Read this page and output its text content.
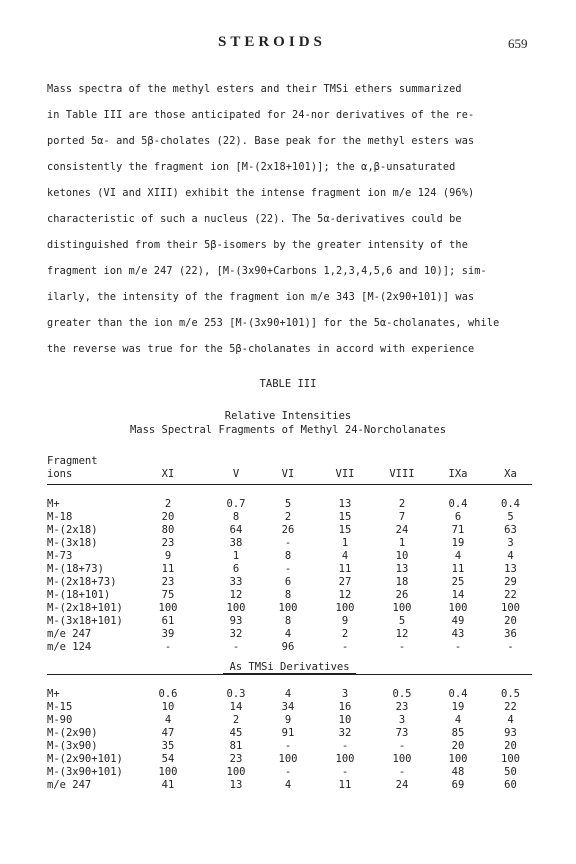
STEROIDS	659
Mass spectra of the methyl esters and their TMSi ethers summarized
in Table III are those anticipated for 24-nor derivatives of the re-
ported 5α- and 5β-cholates (22). Base peak for the methyl esters was
consistently the fragment ion [M-(2x18+101)]; the α,β-unsaturated
ketones (VI and XIII) exhibit the intense fragment ion m/e 124 (96%)
characteristic of such a nucleus (22). The 5α-derivatives could be
distinguished from their 5β-isomers by the greater intensity of the
fragment ion m/e 247 (22), [M-(3x90+Carbons 1,2,3,4,5,6 and 10)]; sim-
ilarly, the intensity of the fragment ion m/e 343 [M-(2x90+101)] was
greater than the ion m/e 253 [M-(3x90+101)] for the 5α-cholanates, while
the reverse was true for the 5β-cholanates in accord with experience
TABLE III
Relative Intensities
Mass Spectral Fragments of Methyl 24-Norcholanates
Fragment
ions	XI	V	VI	VII	VIII	IXa	Xa
M+	2	0.7	5	13	2	0.4	0.4
M-18	20	8	2	15	7	6	5
M-(2x18)	80	64	26	15	24	71	63
M-(3x18)	23	38	-	1	1	19	3
M-73	9	1	8	4	10	4	4
M-(18+73)	11	6	-	11	13	11	13
M-(2x18+73)	23	33	6	27	18	25	29
M-(18+101)	75	12	8	12	26	14	22
M-(2x18+101)	100	100	100	100	100	100	100
M-(3x18+101)	61	93	8	9	5	49	20
m/e 247	39	32	4	2	12	43	36
m/e 124	-	-	96	-	-	-	-
As TMSi Derivatives
M+	0.6	0.3	4	3	0.5	0.4	0.5
M-15	10	14	34	16	23	19	22
M-90	4	2	9	10	3	4	4
M-(2x90)	47	45	91	32	73	85	93
M-(3x90)	35	81	-	-	-	20	20
M-(2x90+101)	54	23	100	100	100	100	100
M-(3x90+101)	100	100	-	-	-	48	50
m/e 247	41	13	4	11	24	69	60
